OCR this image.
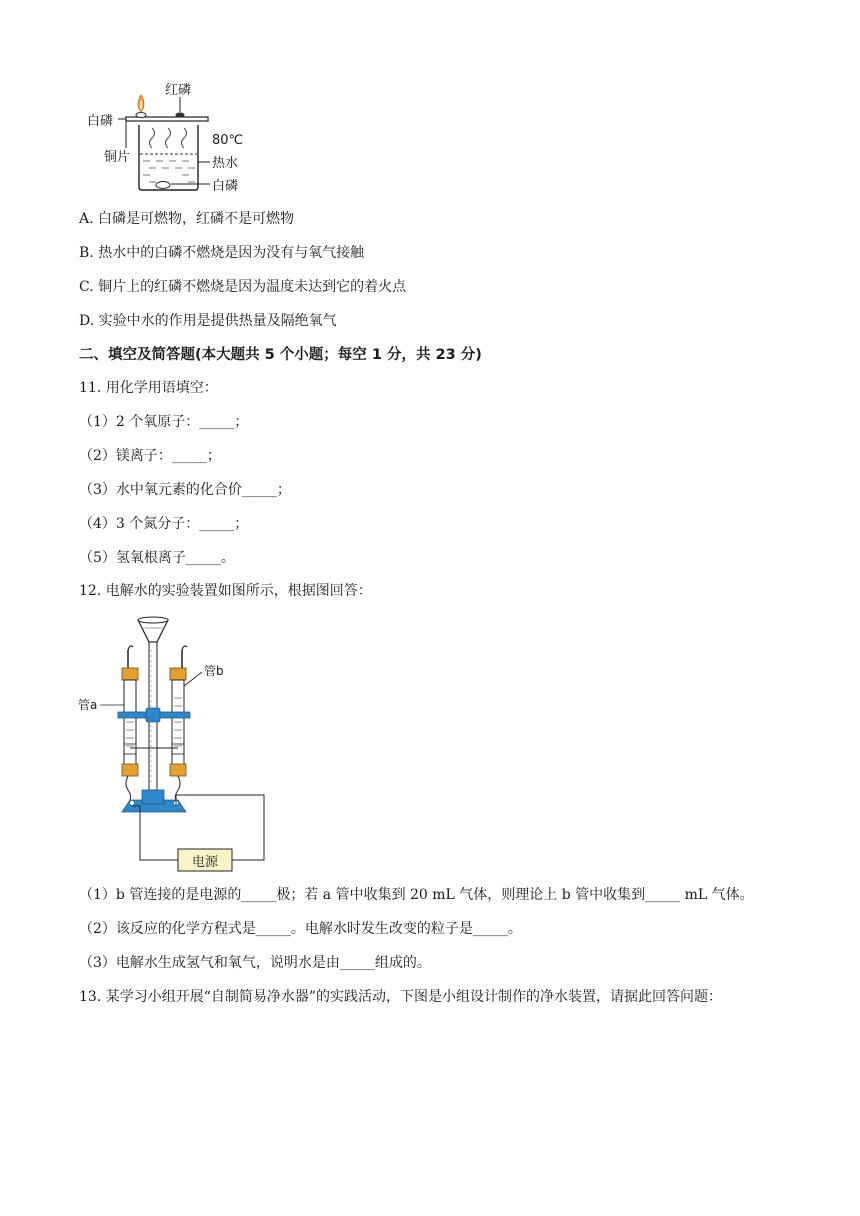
红磷
白磷
铜片
80℃
热水
白磷
A. 白磷是可燃物，红磷不是可燃物
B. 热水中的白磷不燃烧是因为没有与氧气接触
C. 铜片上的红磷不燃烧是因为温度未达到它的着火点
D. 实验中水的作用是提供热量及隔绝氧气
二、填空及简答题(本大题共 5 个小题；每空 1 分，共 23 分)
11. 用化学用语填空：
（1）2 个氧原子：_____；
（2）镁离子：_____；
（3）水中氧元素的化合价_____；
（4）3 个氮分子：_____；
（5）氢氧根离子_____。
12. 电解水的实验装置如图所示，根据图回答：
管a
管b
电源
（1）b 管连接的是电源的_____极；若 a 管中收集到 20 mL 气体，则理论上 b 管中收集到_____ mL 气体。
（2）该反应的化学方程式是_____。电解水时发生改变的粒子是_____。
（3）电解水生成氢气和氧气，说明水是由_____组成的。
13. 某学习小组开展“自制简易净水器”的实践活动，下图是小组设计制作的净水装置，请据此回答问题：
